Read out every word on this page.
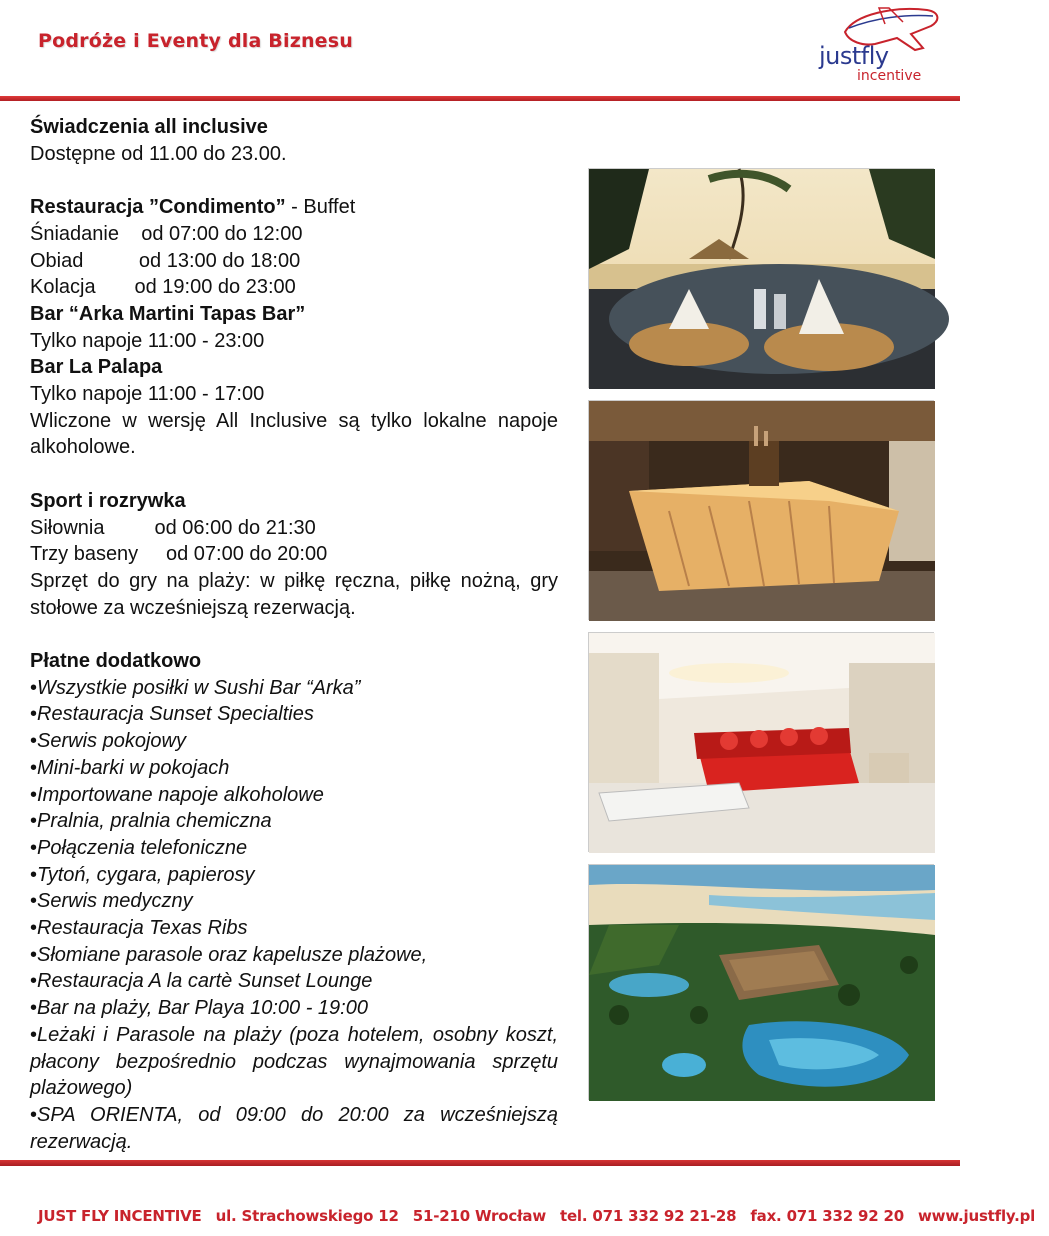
Podróże i Eventy dla Biznesu
justfly
incentive
Świadczenia all inclusive
Dostępne od 11.00 do 23.00.
Restauracja ”Condimento” - Buffet
Śniadanie    od 07:00 do 12:00
Obiad          od 13:00 do 18:00
Kolacja       od 19:00 do 23:00
Bar “Arka Martini Tapas Bar”
Tylko napoje 11:00 - 23:00
Bar La Palapa
Tylko napoje 11:00 - 17:00
Wliczone w wersję All Inclusive są tylko lokalne napoje alkoholowe.
Sport i rozrywka
Siłownia         od 06:00 do 21:30
Trzy baseny     od 07:00 do 20:00
Sprzęt do gry na plaży: w piłkę ręczna, piłkę nożną, gry stołowe za wcześniejszą rezerwacją.
Płatne dodatkowo
• Wszystkie posiłki w Sushi Bar “Arka”
• Restauracja Sunset Specialties
• Serwis pokojowy
• Mini-barki w pokojach
• Importowane napoje alkoholowe
• Pralnia, pralnia chemiczna
• Połączenia telefoniczne
• Tytoń, cygara, papierosy
• Serwis medyczny
• Restauracja Texas Ribs
• Słomiane parasole oraz kapelusze plażowe,
• Restauracja A la cartè Sunset Lounge
• Bar na plaży, Bar Playa 10:00 - 19:00
• Leżaki i Parasole na plaży (poza hotelem, osobny koszt, płacony bezpośrednio podczas wynajmowania sprzętu plażowego)
• SPA ORIENTA, od 09:00 do 20:00 za wcześniejszą rezerwacją.
JUST FLY INCENTIVE ul. Strachowskiego 12 51-210 Wrocław tel. 071 332 92 21-28 fax. 071 332 92 20 www.justfly.pl
